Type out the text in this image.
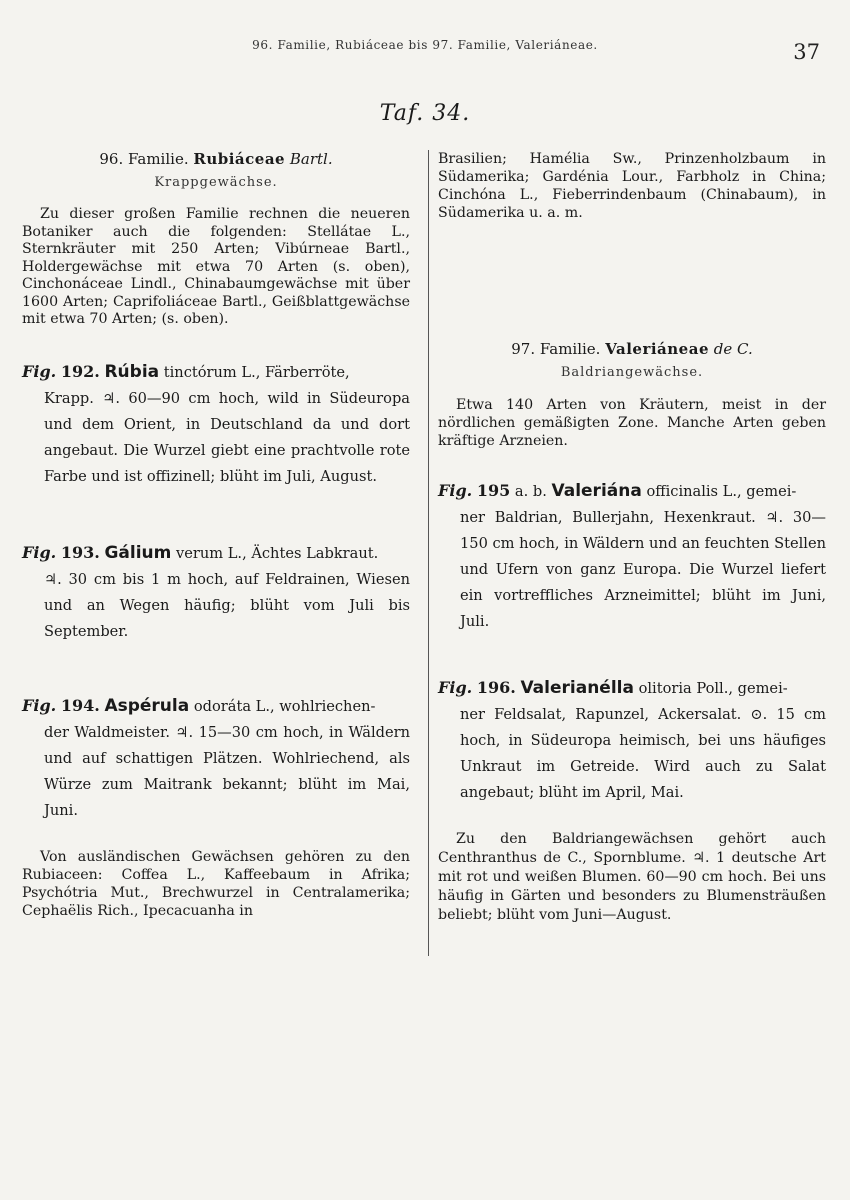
96. Familie, Rubiáceae bis 97. Familie, Valeriáneae.	37
Taf. 34.

96. Familie. Rubiáceae Bartl.

Krappgewächse.

Zu dieser großen Familie rechnen die neueren Botaniker auch die folgenden: Stellátae L., Sternkräuter mit 250 Arten; Vibúrneae Bartl., Holdergewächse mit etwa 70 Arten (s. oben), Cinchonáceae Lindl., Chinabaumgewächse mit über 1600 Arten; Caprifoliáceae Bartl., Geißblattgewächse mit etwa 70 Arten; (s. oben).

Fig. 192. Rúbia tinctórum L., Färberröte,

Krapp. ♃. 60—90 cm hoch, wild in Südeuropa und dem Orient, in Deutschland da und dort angebaut. Die Wurzel giebt eine prachtvolle rote Farbe und ist offizinell; blüht im Juli, August.

Fig. 193. Gálium verum L., Ächtes Labkraut.

♃. 30 cm bis 1 m hoch, auf Feldrainen, Wiesen und an Wegen häufig; blüht vom Juli bis September.

Fig. 194. Aspérula odoráta L., wohlriechen-

der Waldmeister. ♃. 15—30 cm hoch, in Wäldern und auf schattigen Plätzen. Wohlriechend, als Würze zum Maitrank bekannt; blüht im Mai, Juni.

Von ausländischen Gewächsen gehören zu den Rubiaceen: Coffea L., Kaffeebaum in Afrika; Psychótria Mut., Brechwurzel in Centralamerika; Cephaëlis Rich., Ipecacuanha in

Brasilien; Hamélia Sw., Prinzenholzbaum in Südamerika; Gardénia Lour., Farbholz in China; Cinchóna L., Fieberrindenbaum (Chinabaum), in Südamerika u. a. m.

97. Familie. Valeriáneae de C.

Baldriangewächse.

Etwa 140 Arten von Kräutern, meist in der nördlichen gemäßigten Zone. Manche Arten geben kräftige Arzneien.

Fig. 195 a. b. Valeriána officinalis L., gemei-

ner Baldrian, Bullerjahn, Hexenkraut. ♃. 30—150 cm hoch, in Wäldern und an feuchten Stellen und Ufern von ganz Europa. Die Wurzel liefert ein vortreffliches Arzneimittel; blüht im Juni, Juli.

Fig. 196. Valerianélla olitoria Poll., gemei-

ner Feldsalat, Rapunzel, Ackersalat. ⊙. 15 cm hoch, in Südeuropa heimisch, bei uns häufiges Unkraut im Getreide. Wird auch zu Salat angebaut; blüht im April, Mai.

Zu den Baldriangewächsen gehört auch Centhranthus de C., Spornblume. ♃. 1 deutsche Art mit rot und weißen Blumen. 60—90 cm hoch. Bei uns häufig in Gärten und besonders zu Blumensträußen beliebt; blüht vom Juni—August.
